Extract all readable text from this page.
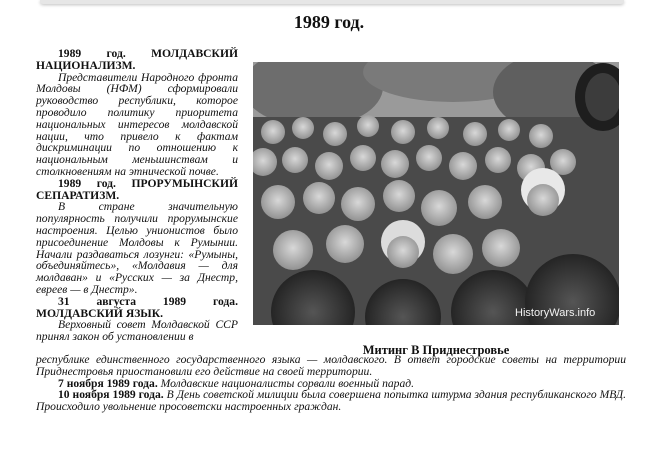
1989 год.

1989 год. МОЛДАВСКИЙ НАЦИОНАЛИЗМ.

Представители Народного фронта Молдовы (НФМ) сформировали руководство республики, которое проводило политику приоритета национальных интересов молдавской нации, что привело к фактам дискриминации по отношению к национальным меньшинствам и столкновениям на этнической почве.

1989 год. ПРОРУМЫНСКИЙ СЕПАРАТИЗМ.

В стране значительную популярность получили прорумынские настроения. Целью унионистов было присоединение Молдовы к Румынии. Начали раздаваться лозунги: «Румыны, объединяйтесь», «Молдавия — для молдаван» и «Русских — за Днестр, евреев — в Днестр».

31 августа 1989 года. МОЛДАВСКИЙ ЯЗЫК.

Верховный совет Молдавской ССР принял закон об установлении в

HistoryWars.info
Митинг В Приднестровье

республике единственного государственного языка — молдавского. В ответ городские советы на территории Приднестровья приостановили его действие на своей территории.

7 ноября 1989 года. Молдавские националисты сорвали военный парад.

10 ноября 1989 года. В День советской милиции была совершена попытка штурма здания республиканского МВД. Происходило увольнение просоветски настроенных граждан.
